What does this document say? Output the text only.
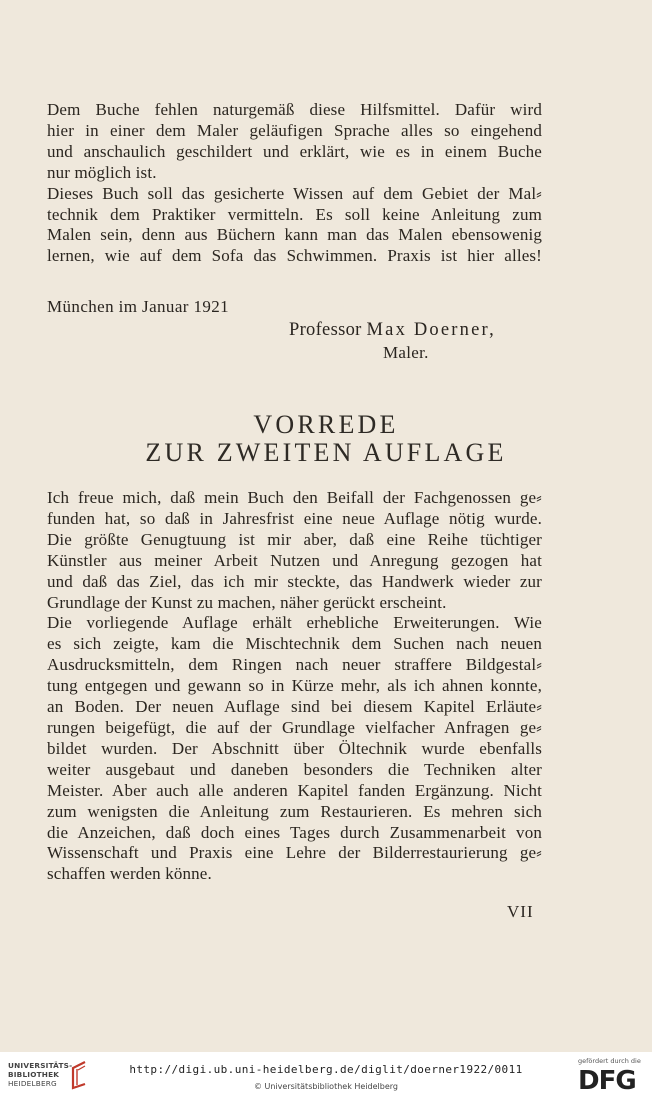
Dem Buche fehlen naturgemäß diese Hilfsmittel. Dafür wird
hier in einer dem Maler geläufigen Sprache alles so eingehend
und anschaulich geschildert und erklärt, wie es in einem Buche
nur möglich ist.
Dieses Buch soll das gesicherte Wissen auf dem Gebiet der Mal⸗
technik dem Praktiker vermitteln. Es soll keine Anleitung zum
Malen sein, denn aus Büchern kann man das Malen ebensowenig
lernen, wie auf dem Sofa das Schwimmen. Praxis ist hier alles!
München im Januar 1921
Professor Max Doerner,
Maler.
VORREDE
ZUR ZWEITEN AUFLAGE
Ich freue mich, daß mein Buch den Beifall der Fachgenossen ge⸗
funden hat, so daß in Jahresfrist eine neue Auflage nötig wurde.
Die größte Genugtuung ist mir aber, daß eine Reihe tüchtiger
Künstler aus meiner Arbeit Nutzen und Anregung gezogen hat
und daß das Ziel, das ich mir steckte, das Handwerk wieder zur
Grundlage der Kunst zu machen, näher gerückt erscheint.
Die vorliegende Auflage erhält erhebliche Erweiterungen. Wie
es sich zeigte, kam die Mischtechnik dem Suchen nach neuen
Ausdrucksmitteln, dem Ringen nach neuer straffere Bildgestal⸗
tung entgegen und gewann so in Kürze mehr, als ich ahnen konnte,
an Boden. Der neuen Auflage sind bei diesem Kapitel Erläute⸗
rungen beigefügt, die auf der Grundlage vielfacher Anfragen ge⸗
bildet wurden. Der Abschnitt über Öltechnik wurde ebenfalls
weiter ausgebaut und daneben besonders die Techniken alter
Meister. Aber auch alle anderen Kapitel fanden Ergänzung. Nicht
zum wenigsten die Anleitung zum Restaurieren. Es mehren sich
die Anzeichen, daß doch eines Tages durch Zusammenarbeit von
Wissenschaft und Praxis eine Lehre der Bilderrestaurierung ge⸗
schaffen werden könne.
VII
UNIVERSITÄTS-
BIBLIOTHEK
HEIDELBERG
http://digi.ub.uni-heidelberg.de/diglit/doerner1922/0011
© Universitätsbibliothek Heidelberg
gefördert durch die
DFG
